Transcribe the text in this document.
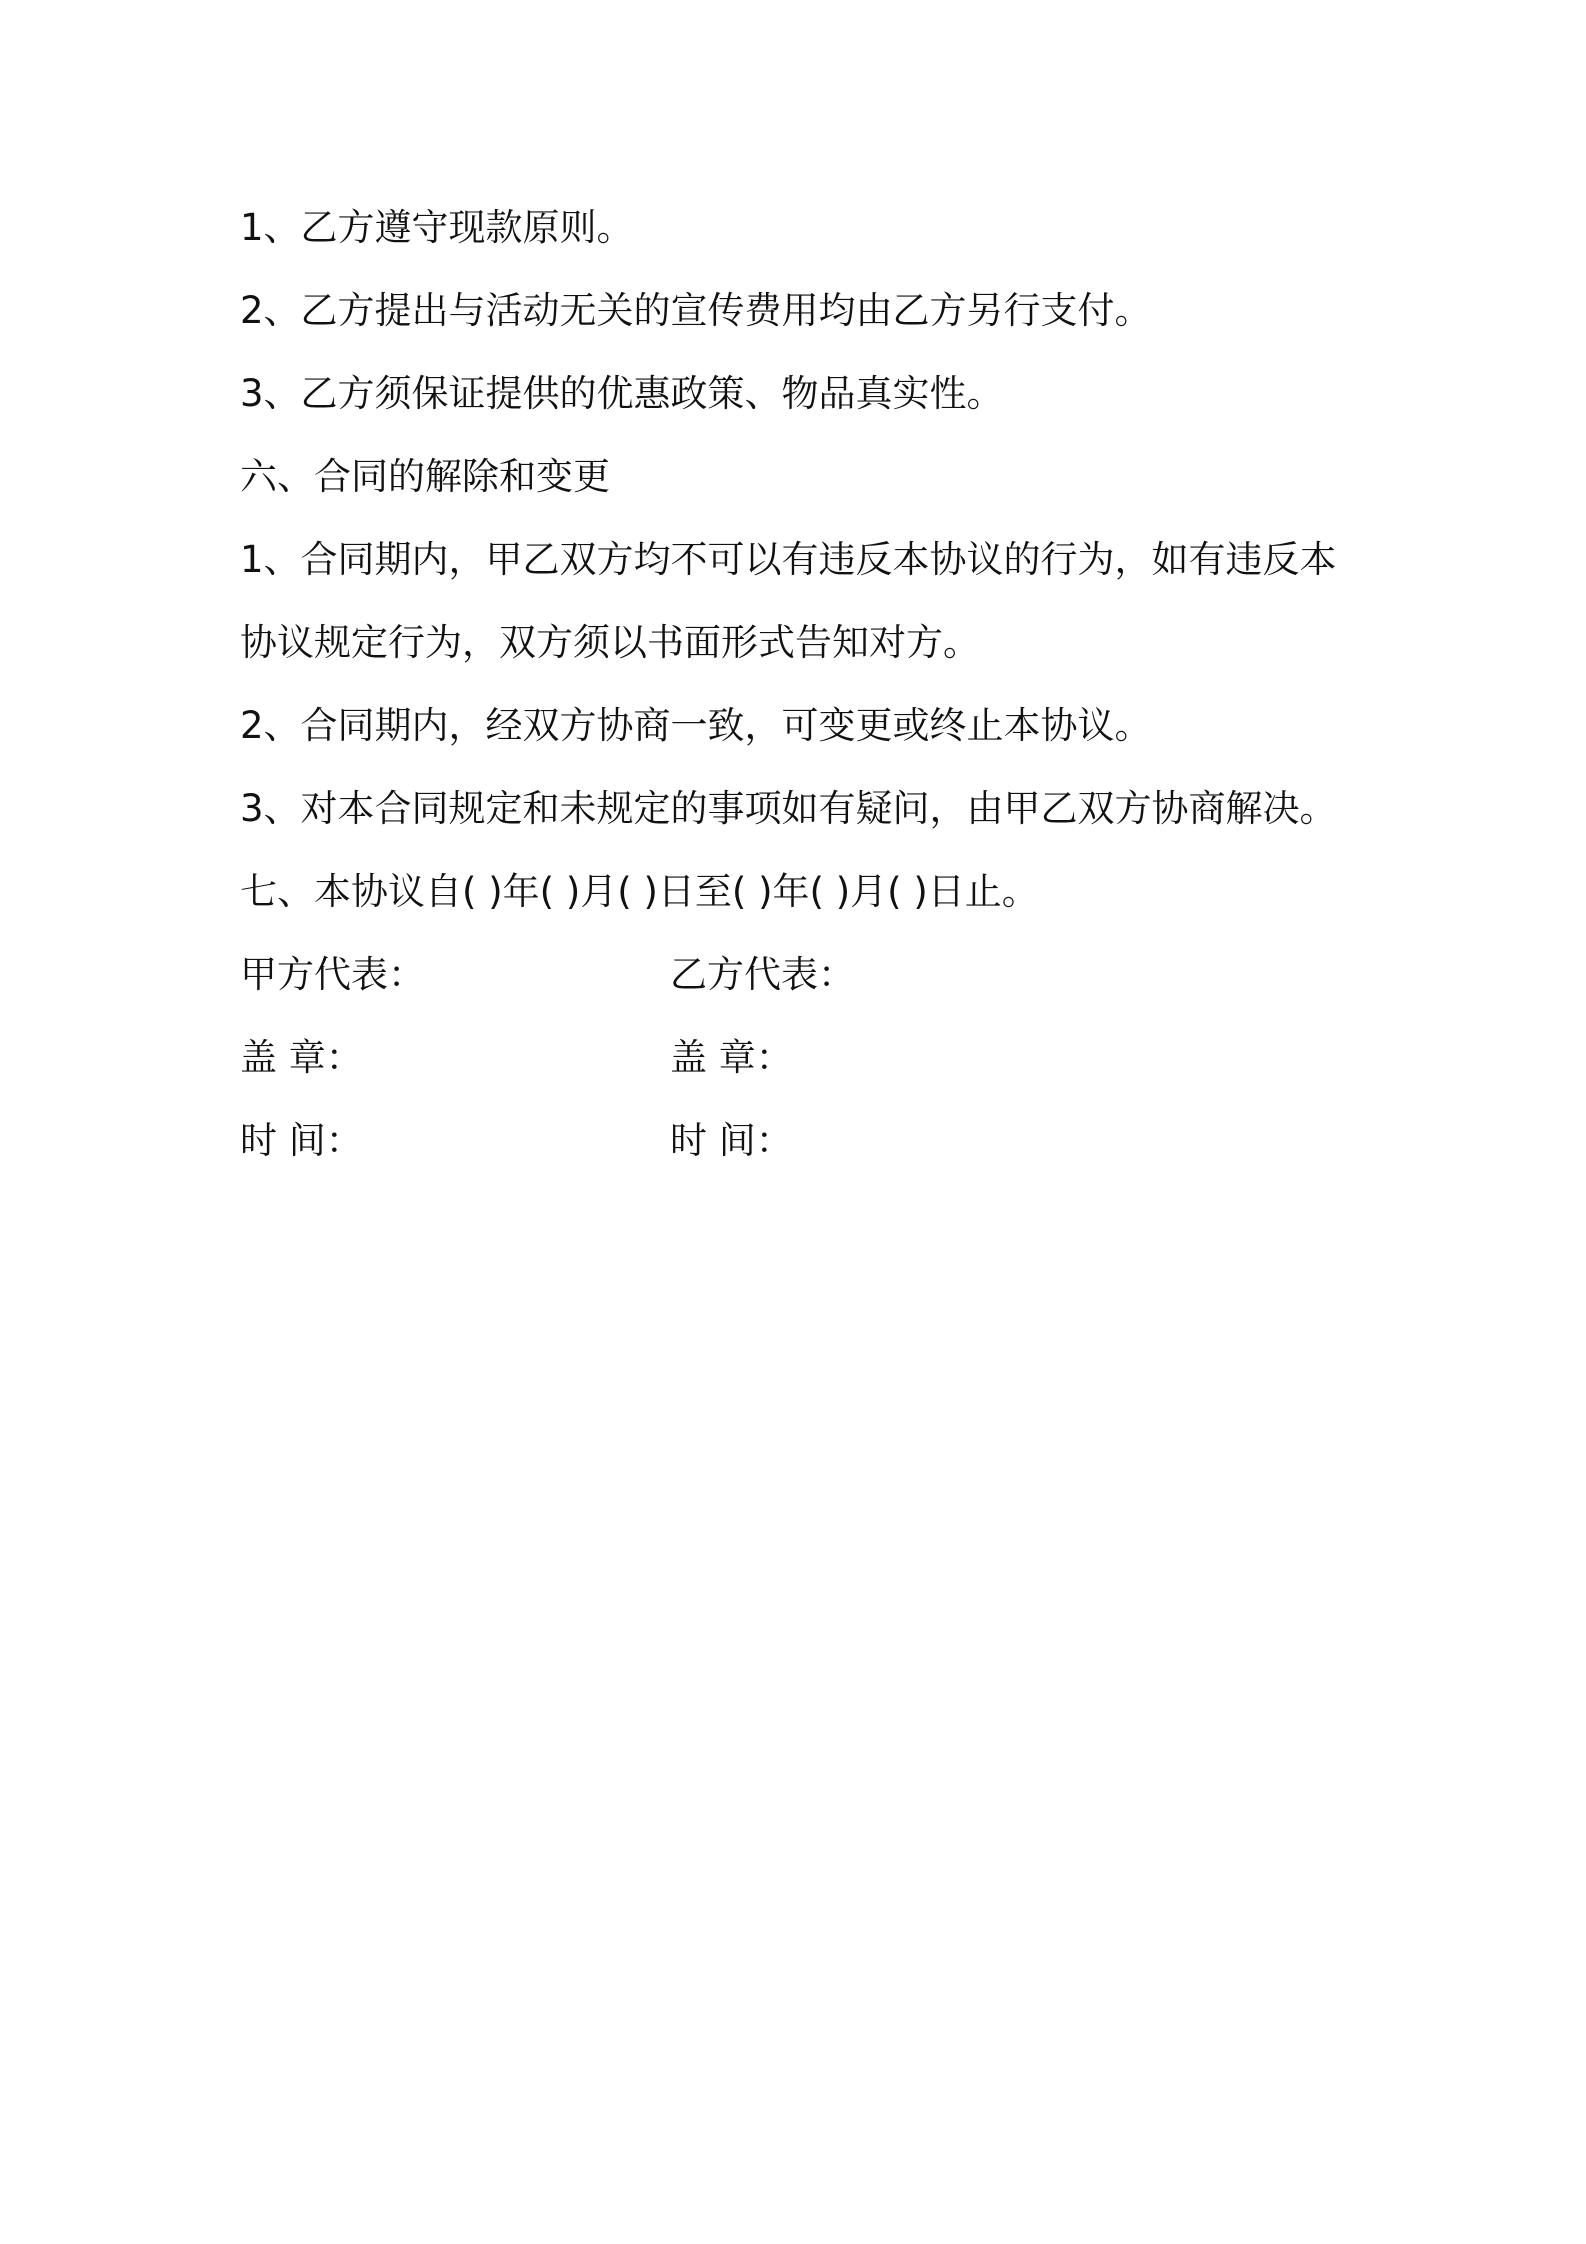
1、乙方遵守现款原则。
2、乙方提出与活动无关的宣传费用均由乙方另行支付。
3、乙方须保证提供的优惠政策、物品真实性。
六、合同的解除和变更
1、合同期内，甲乙双方均不可以有违反本协议的行为，如有违反本
协议规定行为，双方须以书面形式告知对方。
2、合同期内，经双方协商一致，可变更或终止本协议。
3、对本合同规定和未规定的事项如有疑问，由甲乙双方协商解决。
七、本协议自( )年( )月( )日至( )年( )月( )日止。
甲方代表：	乙方代表：
盖 章：	盖 章：
时 间：	时 间：
